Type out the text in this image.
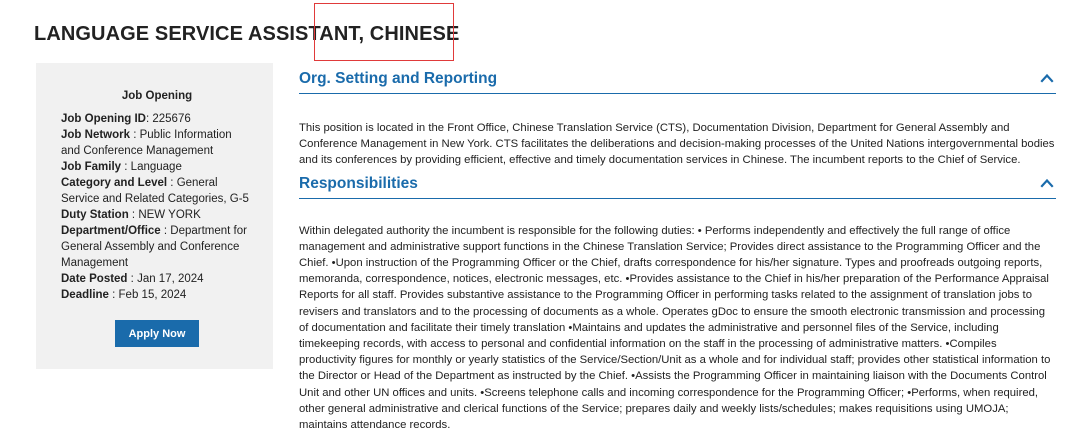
LANGUAGE SERVICE ASSISTANT, CHINESE
Job Opening
Job Opening ID: 225676
Job Network : Public Information and Conference Management
Job Family : Language
Category and Level : General Service and Related Categories, G-5
Duty Station : NEW YORK
Department/Office : Department for General Assembly and Conference Management
Date Posted : Jan 17, 2024
Deadline : Feb 15, 2024
Apply Now
Org. Setting and Reporting
This position is located in the Front Office, Chinese Translation Service (CTS), Documentation Division, Department for General Assembly and Conference Management in New York. CTS facilitates the deliberations and decision-making processes of the United Nations intergovernmental bodies and its conferences by providing efficient, effective and timely documentation services in Chinese. The incumbent reports to the Chief of Service.
Responsibilities
Within delegated authority the incumbent is responsible for the following duties: • Performs independently and effectively the full range of office management and administrative support functions in the Chinese Translation Service; Provides direct assistance to the Programming Officer and the Chief. •Upon instruction of the Programming Officer or the Chief, drafts correspondence for his/her signature. Types and proofreads outgoing reports, memoranda, correspondence, notices, electronic messages, etc. •Provides assistance to the Chief in his/her preparation of the Performance Appraisal Reports for all staff. Provides substantive assistance to the Programming Officer in performing tasks related to the assignment of translation jobs to revisers and translators and to the processing of documents as a whole. Operates gDoc to ensure the smooth electronic transmission and processing of documentation and facilitate their timely translation •Maintains and updates the administrative and personnel files of the Service, including timekeeping records, with access to personal and confidential information on the staff in the processing of administrative matters. •Compiles productivity figures for monthly or yearly statistics of the Service/Section/Unit as a whole and for individual staff; provides other statistical information to the Director or Head of the Department as instructed by the Chief. •Assists the Programming Officer in maintaining liaison with the Documents Control Unit and other UN offices and units. •Screens telephone calls and incoming correspondence for the Programming Officer; •Performs, when required, other general administrative and clerical functions of the Service; prepares daily and weekly lists/schedules; makes requisitions using UMOJA; maintains attendance records.
